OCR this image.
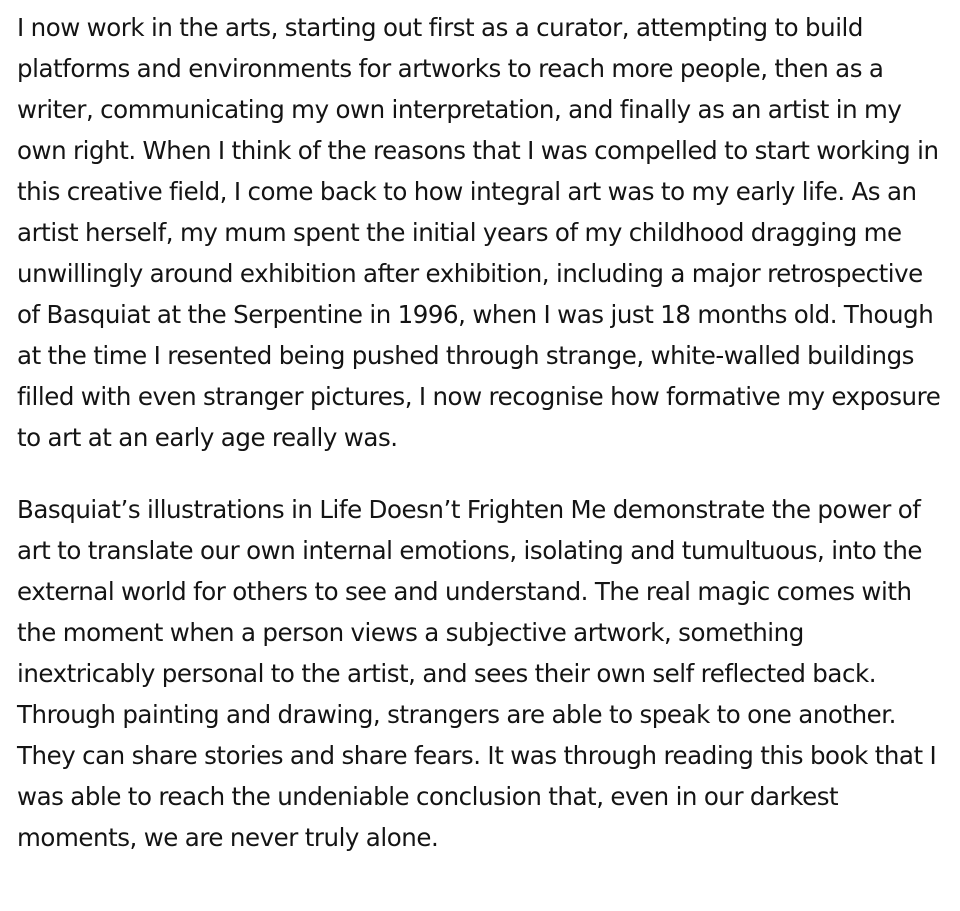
I now work in the arts, starting out first as a curator, attempting to build platforms and environments for artworks to reach more people, then as a writer, communicating my own interpretation, and finally as an artist in my own right. When I think of the reasons that I was compelled to start working in this creative field, I come back to how integral art was to my early life. As an artist herself, my mum spent the initial years of my childhood dragging me unwillingly around exhibition after exhibition, including a major retrospective of Basquiat at the Serpentine in 1996, when I was just 18 months old. Though at the time I resented being pushed through strange, white-walled buildings filled with even stranger pictures, I now recognise how formative my exposure to art at an early age really was.

Basquiat’s illustrations in Life Doesn’t Frighten Me demonstrate the power of art to translate our own internal emotions, isolating and tumultuous, into the external world for others to see and understand. The real magic comes with the moment when a person views a subjective artwork, something inextricably personal to the artist, and sees their own self reflected back. Through painting and drawing, strangers are able to speak to one another. They can share stories and share fears. It was through reading this book that I was able to reach the undeniable conclusion that, even in our darkest moments, we are never truly alone.
